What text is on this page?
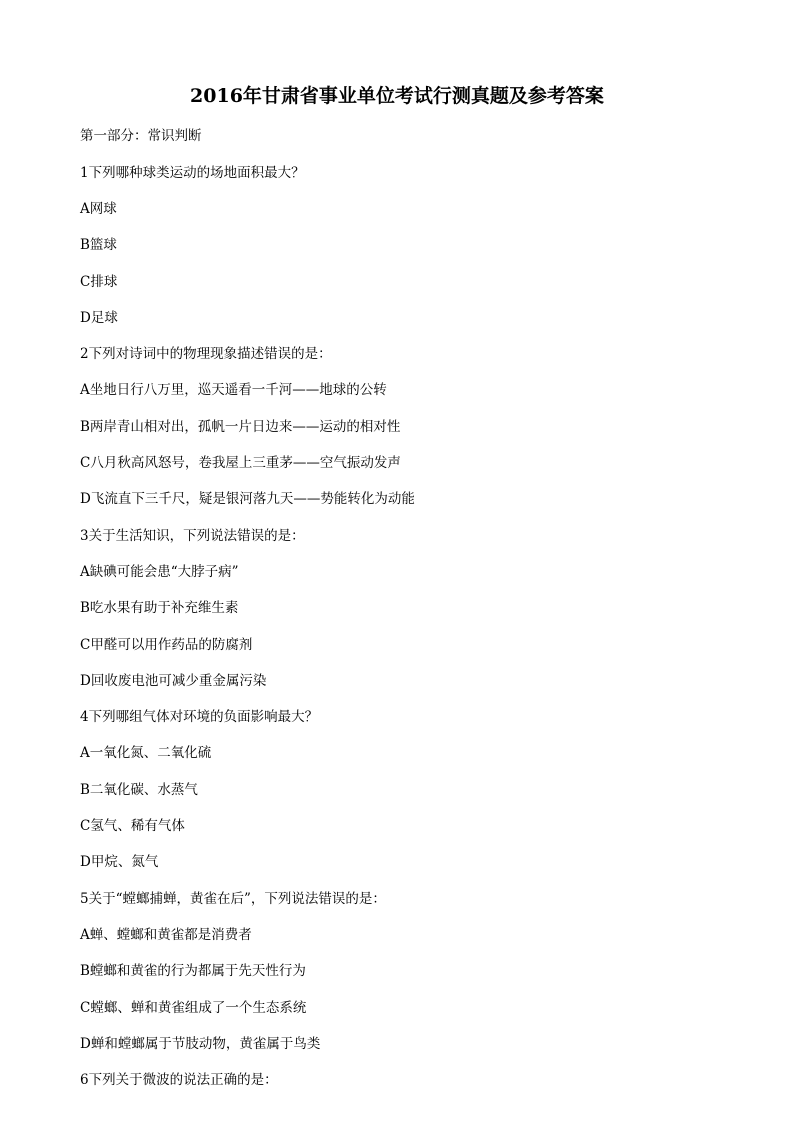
2016年甘肃省事业单位考试行测真题及参考答案
第一部分：常识判断
1下列哪种球类运动的场地面积最大？
A网球
B篮球
C排球
D足球
2下列对诗词中的物理现象描述错误的是：
A坐地日行八万里，巡天遥看一千河——地球的公转
B两岸青山相对出，孤帆一片日边来——运动的相对性
C八月秋高风怒号，卷我屋上三重茅——空气振动发声
D飞流直下三千尺，疑是银河落九天——势能转化为动能
3关于生活知识，下列说法错误的是：
A缺碘可能会患“大脖子病”
B吃水果有助于补充维生素
C甲醛可以用作药品的防腐剂
D回收废电池可减少重金属污染
4下列哪组气体对环境的负面影响最大？
A一氧化氮、二氧化硫
B二氧化碳、水蒸气
C氢气、稀有气体
D甲烷、氮气
5关于“螳螂捕蝉，黄雀在后”，下列说法错误的是：
A蝉、螳螂和黄雀都是消费者
B螳螂和黄雀的行为都属于先天性行为
C螳螂、蝉和黄雀组成了一个生态系统
D蝉和螳螂属于节肢动物，黄雀属于鸟类
6下列关于微波的说法正确的是：
